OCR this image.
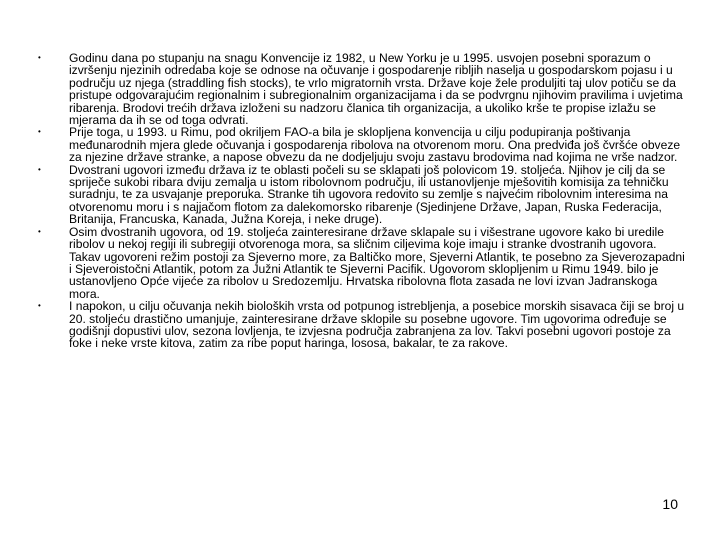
• Godinu dana po stupanju na snagu Konvencije iz 1982, u New Yorku je u 1995. usvojen posebni sporazum o izvršenju njezinih odredaba koje se odnose na očuvanje i gospodarenje ribljih naselja u gospodarskom pojasu i u području uz njega (straddling fish stocks), te vrlo migratornih vrsta. Države koje žele produljiti taj ulov potiču se da pristupe odgovarajućim regionalnim i subregionalnim organizacijama i da se podvrgnu njihovim pravilima i uvjetima ribarenja. Brodovi trećih država izloženi su nadzoru članica tih organizacija, a ukoliko krše te propise izlažu se mjerama da ih se od toga odvrati.
• Prije toga, u 1993. u Rimu, pod okriljem FAO-a bila je sklopljena konvencija u cilju podupiranja poštivanja međunarodnih mjera glede očuvanja i gospodarenja ribolova na otvorenom moru. Ona predviđa još čvršće obveze za njezine države stranke, a napose obvezu da ne dodjeljuju svoju zastavu brodovima nad kojima ne vrše nadzor.
• Dvostrani ugovori između država iz te oblasti počeli su se sklapati još polovicom 19. stoljeća. Njihov je cilj da se spriječe sukobi ribara dviju zemalja u istom ribolovnom području, ili ustanovljenje mješovitih komisija za tehničku suradnju, te za usvajanje preporuka. Stranke tih ugovora redovito su zemlje s najvećim ribolovnim interesima na otvorenomu moru i s najjačom flotom za dalekomorsko ribarenje (Sjedinjene Države, Japan, Ruska Federacija, Britanija, Francuska, Kanada, Južna Koreja, i neke druge).
• Osim dvostranih ugovora, od 19. stoljeća zainteresirane države sklapale su i višestrane ugovore kako bi uredile ribolov u nekoj regiji ili subregiji otvorenoga mora, sa sličnim ciljevima koje imaju i stranke dvostranih ugovora. Takav ugovoreni režim postoji za Sjeverno more, za Baltičko more, Sjeverni Atlantik, te posebno za Sjeverozapadni i Sjeveroistočni Atlantik, potom za Južni Atlantik te Sjeverni Pacifik. Ugovorom sklopljenim u Rimu 1949. bilo je ustanovljeno Opće vijeće za ribolov u Sredozemlju. Hrvatska ribolovna flota zasada ne lovi izvan Jadranskoga mora.
• I napokon, u cilju očuvanja nekih bioloških vrsta od potpunog istrebljenja, a posebice morskih sisavaca čiji se broj u 20. stoljeću drastično umanjuje, zainteresirane države sklopile su posebne ugovore. Tim ugovorima određuje se godišnji dopustivi ulov, sezona lovljenja, te izvjesna područja zabranjena za lov. Takvi posebni ugovori postoje za foke i neke vrste kitova, zatim za ribe poput haringa, lososa, bakalar, te za rakove.
10
